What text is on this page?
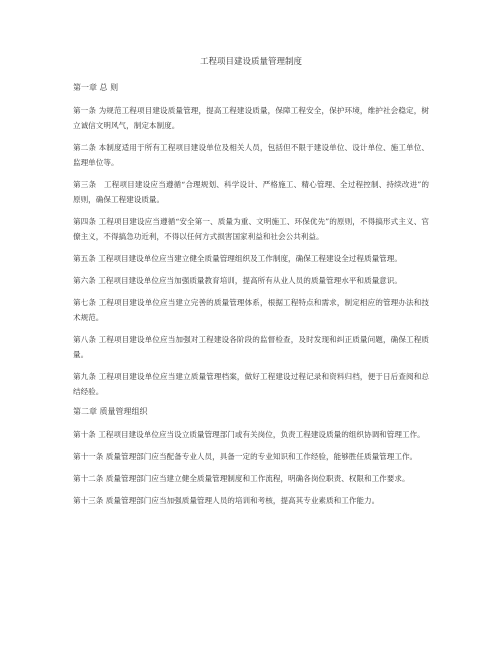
工程项目建设质量管理制度
第一章 总 则

第一条 为规范工程项目建设质量管理，提高工程建设质量，保障工程安全，保护环境，维护社会稳定，树立诚信文明风气，制定本制度。

第二条 本制度适用于所有工程项目建设单位及相关人员，包括但不限于建设单位、设计单位、施工单位、监理单位等。

第三条　工程项目建设应当遵循“合理规划、科学设计、严格施工、精心管理、全过程控制、持续改进”的原则，确保工程建设质量。

第四条 工程项目建设应当遵循“安全第一、质量为重、文明施工、环保优先”的原则，不得搞形式主义、官僚主义，不得搞急功近利，不得以任何方式损害国家利益和社会公共利益。

第五条 工程项目建设单位应当建立健全质量管理组织及工作制度，确保工程建设全过程质量管理。

第六条 工程项目建设单位应当加强质量教育培训，提高所有从业人员的质量管理水平和质量意识。

第七条 工程项目建设单位应当建立完善的质量管理体系，根据工程特点和需求，制定相应的管理办法和技术规范。

第八条 工程项目建设单位应当加强对工程建设各阶段的监督检查，及时发现和纠正质量问题，确保工程质量。

第九条 工程项目建设单位应当建立质量管理档案，做好工程建设过程记录和资料归档，便于日后查阅和总结经验。

第二章 质量管理组织

第十条 工程项目建设单位应当设立质量管理部门或有关岗位，负责工程建设质量的组织协调和管理工作。

第十一条 质量管理部门应当配备专业人员，具备一定的专业知识和工作经验，能够胜任质量管理工作。

第十二条 质量管理部门应当建立健全质量管理制度和工作流程，明确各岗位职责、权限和工作要求。

第十三条 质量管理部门应当加强质量管理人员的培训和考核，提高其专业素质和工作能力。
